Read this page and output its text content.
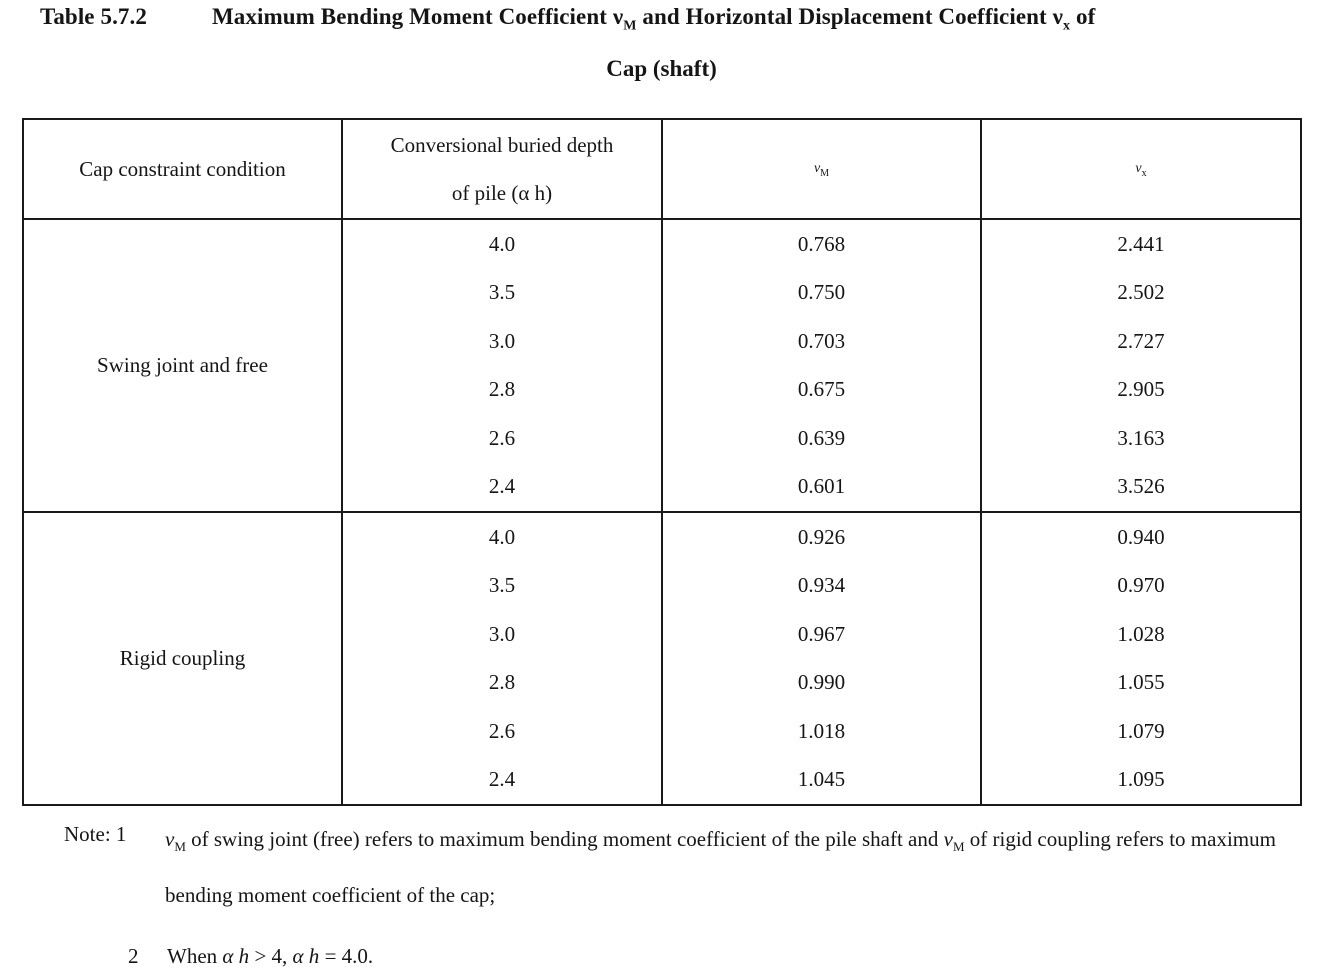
Table 5.7.2	Maximum Bending Moment Coefficient $\nu_M$ and Horizontal Displacement Coefficient $\nu_x$ of
Cap (shaft)
Cap constraint condition	Conversional buried depth
of pile (α h)	$\nu_M$	$\nu_x$
Swing joint and free	4.0	0.768	2.441
	3.5	0.750	2.502
	3.0	0.703	2.727
	2.8	0.675	2.905
	2.6	0.639	3.163
	2.4	0.601	3.526
Rigid coupling	4.0	0.926	0.940
	3.5	0.934	0.970
	3.0	0.967	1.028
	2.8	0.990	1.055
	2.6	1.018	1.079
	2.4	1.045	1.095
Note: 1 $\nu_M$ of swing joint (free) refers to maximum bending moment coefficient of the pile shaft and $\nu_M$ of rigid coupling refers to maximum bending moment coefficient of the cap;
2 When α h > 4, α h = 4.0.
